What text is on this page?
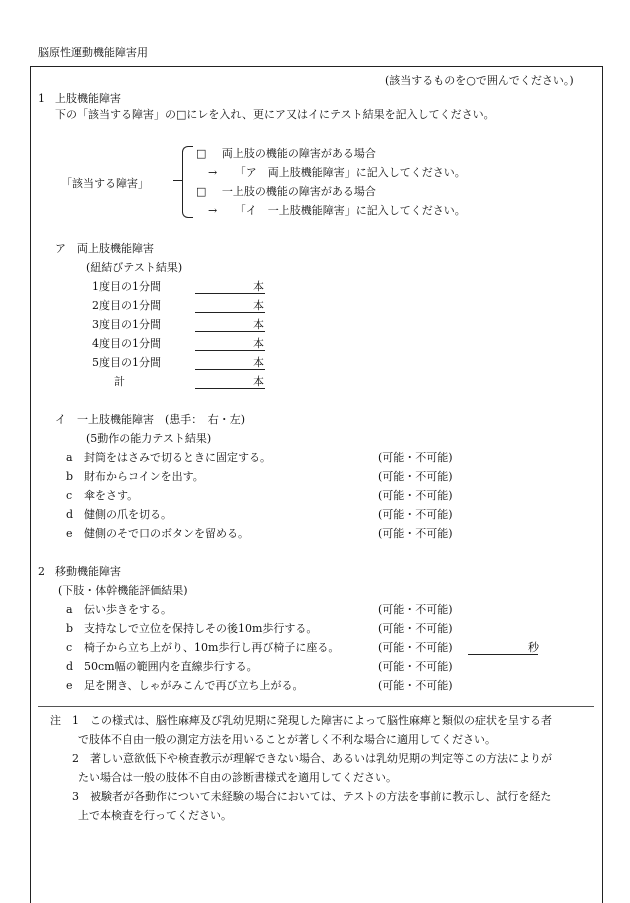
脳原性運動機能障害用
(該当するものを○で囲んでください。)
1 上肢機能障害
下の「該当する障害」の□にレを入れ、更にア又はイにテスト結果を記入してください。
「該当する障害」
□ 両上肢の機能の障害がある場合
→ 「ア　両上肢機能障害」に記入してください。
□ 一上肢の機能の障害がある場合
→ 「イ　一上肢機能障害」に記入してください。
ア　両上肢機能障害
(紐結びテスト結果)
1度目の1分間	本
2度目の1分間	本
3度目の1分間	本
4度目の1分間	本
5度目の1分間	本
計	本
イ　一上肢機能障害　(患手：　右・左)
(5動作の能力テスト結果)
a 封筒をはさみで切るときに固定する。	(可能・不可能)
b 財布からコインを出す。	(可能・不可能)
c 傘をさす。	(可能・不可能)
d 健側の爪を切る。	(可能・不可能)
e 健側のそで口のボタンを留める。	(可能・不可能)
2 移動機能障害
(下肢・体幹機能評価結果)
a 伝い歩きをする。	(可能・不可能)
b 支持なしで立位を保持しその後10m歩行する。	(可能・不可能)
c 椅子から立ち上がり、10m歩行し再び椅子に座る。	(可能・不可能)	秒
d 50cm幅の範囲内を直線歩行する。	(可能・不可能)
e 足を開き、しゃがみこんで再び立ち上がる。	(可能・不可能)
注 1 この様式は、脳性麻痺及び乳幼児期に発現した障害によって脳性麻痺と類似の症状を呈する者
で肢体不自由一般の測定方法を用いることが著しく不利な場合に適用してください。
2 著しい意欲低下や検査教示が理解できない場合、あるいは乳幼児期の判定等この方法によりが
たい場合は一般の肢体不自由の診断書様式を適用してください。
3 被験者が各動作について未経験の場合においては、テストの方法を事前に教示し、試行を経た
上で本検査を行ってください。
